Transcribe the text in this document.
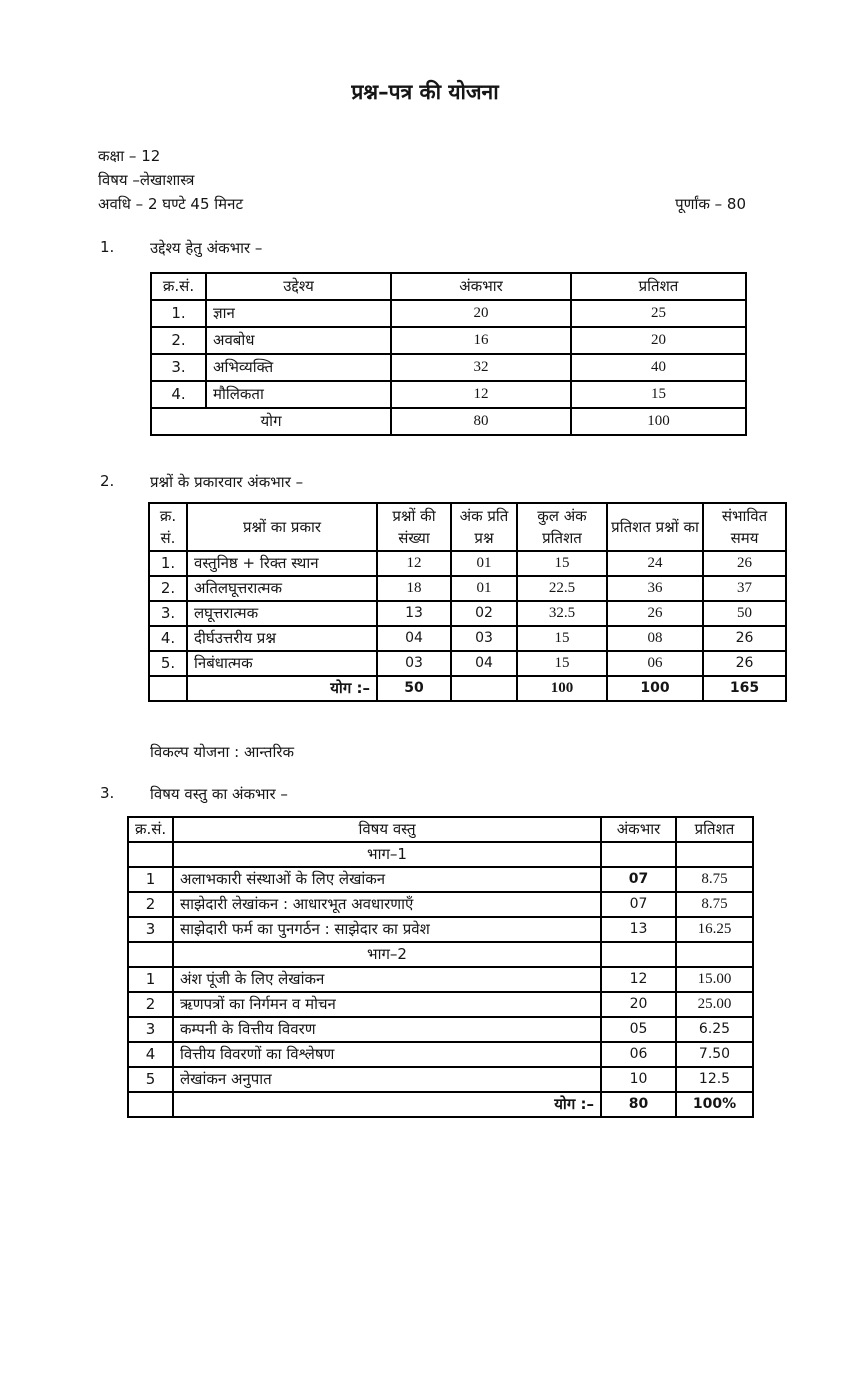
प्रश्न–पत्र की योजना
कक्षा – 12
विषय –लेखाशास्त्र
अवधि – 2 घण्टे 45 मिनट	पूर्णांक – 80
1.	उद्देश्य हेतु अंकभार –
क्र.सं.	उद्देश्य	अंकभार	प्रतिशत
1.	ज्ञान	20	25
2.	अवबोध	16	20
3.	अभिव्यक्ति	32	40
4.	मौलिकता	12	15
योग		80	100
2.	प्रश्नों के प्रकारवार अंकभार –
क्र. सं.	प्रश्नों का प्रकार	प्रश्नों की संख्या	अंक प्रति प्रश्न	कुल अंक प्रतिशत	प्रतिशत प्रश्नों का	संभावित समय
1.	वस्तुनिष्ठ + रिक्त स्थान	12	01	15	24	26
2.	अतिलघूत्तरात्मक	18	01	22.5	36	37
3.	लघूत्तरात्मक	13	02	32.5	26	50
4.	दीर्घउत्तरीय प्रश्न	04	03	15	08	26
5.	निबंधात्मक	03	04	15	06	26
	योग :–	50		100	100	165
विकल्प योजना : आन्तरिक
3.	विषय वस्तु का अंकभार –
क्र.सं.	विषय वस्तु	अंकभार	प्रतिशत
	भाग–1		
1	अलाभकारी संस्थाओं के लिए लेखांकन	07	8.75
2	साझेदारी लेखांकन : आधारभूत अवधारणाएँ	07	8.75
3	साझेदारी फर्म का पुनगर्ठन : साझेदार का प्रवेश	13	16.25
	भाग–2		
1	अंश पूंजी के लिए लेखांकन	12	15.00
2	ऋणपत्रों का निर्गमन व मोचन	20	25.00
3	कम्पनी के वित्तीय विवरण	05	6.25
4	वित्तीय विवरणों का विश्लेषण	06	7.50
5	लेखांकन अनुपात	10	12.5
	योग :–	80	100%
